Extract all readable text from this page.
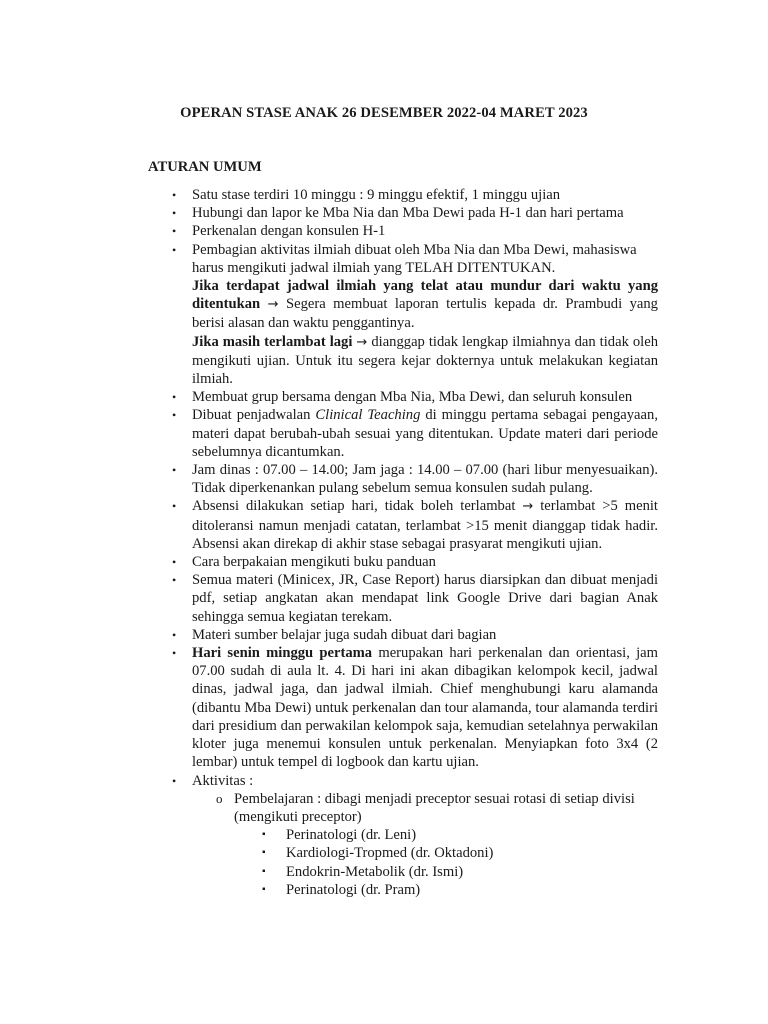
OPERAN STASE ANAK 26 DESEMBER 2022-04 MARET 2023
ATURAN UMUM
• Satu stase terdiri 10 minggu : 9 minggu efektif, 1 minggu ujian
• Hubungi dan lapor ke Mba Nia dan Mba Dewi pada H-1 dan hari pertama
• Perkenalan dengan konsulen H-1
• Pembagian aktivitas ilmiah dibuat oleh Mba Nia dan Mba Dewi, mahasiswa harus mengikuti jadwal ilmiah yang TELAH DITENTUKAN.

Jika terdapat jadwal ilmiah yang telat atau mundur dari waktu yang ditentukan → Segera membuat laporan tertulis kepada dr. Prambudi yang berisi alasan dan waktu penggantinya.

Jika masih terlambat lagi → dianggap tidak lengkap ilmiahnya dan tidak oleh mengikuti ujian. Untuk itu segera kejar dokternya untuk melakukan kegiatan ilmiah.

• Membuat grup bersama dengan Mba Nia, Mba Dewi, dan seluruh konsulen
• Dibuat penjadwalan Clinical Teaching di minggu pertama sebagai pengayaan, materi dapat berubah-ubah sesuai yang ditentukan. Update materi dari periode sebelumnya dicantumkan.

• Jam dinas : 07.00 – 14.00; Jam jaga : 14.00 – 07.00 (hari libur menyesuaikan). Tidak diperkenankan pulang sebelum semua konsulen sudah pulang.

• Absensi dilakukan setiap hari, tidak boleh terlambat → terlambat >5 menit ditoleransi namun menjadi catatan, terlambat >15 menit dianggap tidak hadir. Absensi akan direkap di akhir stase sebagai prasyarat mengikuti ujian.

• Cara berpakaian mengikuti buku panduan
• Semua materi (Minicex, JR, Case Report) harus diarsipkan dan dibuat menjadi pdf, setiap angkatan akan mendapat link Google Drive dari bagian Anak sehingga semua kegiatan terekam.

• Materi sumber belajar juga sudah dibuat dari bagian
• Hari senin minggu pertama merupakan hari perkenalan dan orientasi, jam 07.00 sudah di aula lt. 4. Di hari ini akan dibagikan kelompok kecil, jadwal dinas, jadwal jaga, dan jadwal ilmiah. Chief menghubungi karu alamanda (dibantu Mba Dewi) untuk perkenalan dan tour alamanda, tour alamanda terdiri dari presidium dan perwakilan kelompok saja, kemudian setelahnya perwakilan kloter juga menemui konsulen untuk perkenalan. Menyiapkan foto 3x4 (2 lembar) untuk tempel di logbook dan kartu ujian.

• Aktivitas :
o Pembelajaran : dibagi menjadi preceptor sesuai rotasi di setiap divisi (mengikuti preceptor)
▪ Perinatologi (dr. Leni)
▪ Kardiologi-Tropmed (dr. Oktadoni)
▪ Endokrin-Metabolik (dr. Ismi)
▪ Perinatologi (dr. Pram)
